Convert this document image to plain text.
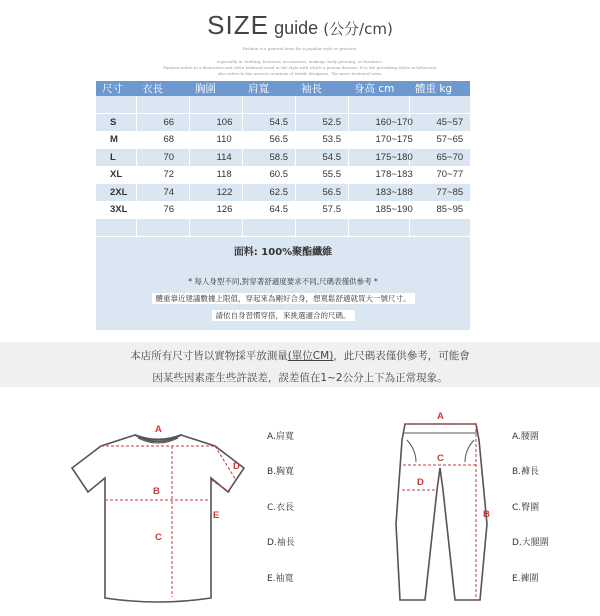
SIZE guide (公分/cm)
Fashion is a general term for a popular style or practice,
especially in clothing, footwear, accessories, makeup, body piercing, or furniture.
Fashion refers to a distinctive and often habitual trend in the style with which a person dresses. It is the prevailing styles in behaviour
also refers to the newest creations of textile designers. The more technical term.
尺寸	衣長	胸圍	肩寬	袖長	身高 cm	體重 kg

S	66	106	54.5	52.5	160~170	45~57
M	68	110	56.5	53.5	170~175	57~65
L	70	114	58.5	54.5	175~180	65~70
XL	72	118	60.5	55.5	178~183	70~77
2XL	74	122	62.5	56.5	183~188	77~85
3XL	76	126	64.5	57.5	185~190	85~95

面料: 100%聚酯纖維
* 每人身型不同,對穿著舒適度要求不同,尺碼表僅供參考 *
體重靠近建議數據上限值，穿起來為剛好合身，想寬鬆舒適就買大一號尺寸。
請依自身習慣穿搭，來挑選適合的尺碼。

本店所有尺寸皆以實物採平放測量(單位CM)，此尺碼表僅供參考，可能會

因某些因素產生些許誤差，誤差值在1~2公分上下為正常現象。

A
B
C
D
E
A
C
D
B
A.肩寬
B.胸寬
C.衣長
D.袖長
E.袖寬
A.腰圍
B.褲長
C.臀圍
D.大腿圍
E.褲圍
